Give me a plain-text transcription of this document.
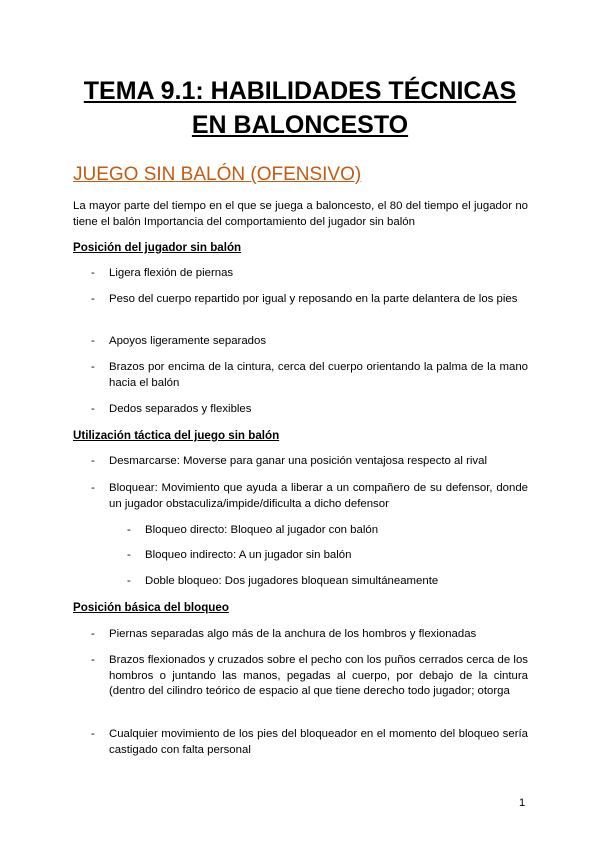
TEMA 9.1: HABILIDADES TÉCNICAS
EN BALONCESTO
JUEGO SIN BALÓN (OFENSIVO)
La mayor parte del tiempo en el que se juega a baloncesto, el 80 del tiempo el jugador no tiene el balón Importancia del comportamiento del jugador sin balón
Posición del jugador sin balón
- Ligera flexión de piernas
- Peso del cuerpo repartido por igual y reposando en la parte delantera de los pies
- Apoyos ligeramente separados
- Brazos por encima de la cintura, cerca del cuerpo orientando la palma de la mano hacia el balón
- Dedos separados y flexibles
Utilización táctica del juego sin balón
- Desmarcarse: Moverse para ganar una posición ventajosa respecto al rival
- Bloquear: Movimiento que ayuda a liberar a un compañero de su defensor, donde un jugador obstaculiza/impide/dificulta a dicho defensor
- Bloqueo directo: Bloqueo al jugador con balón
- Bloqueo indirecto: A un jugador sin balón
- Doble bloqueo: Dos jugadores bloquean simultáneamente
Posición básica del bloqueo
- Piernas separadas algo más de la anchura de los hombros y flexionadas
- Brazos flexionados y cruzados sobre el pecho con los puños cerrados cerca de los hombros o juntando las manos, pegadas al cuerpo, por debajo de la cintura (dentro del cilindro teórico de espacio al que tiene derecho todo jugador; otorga
- Cualquier movimiento de los pies del bloqueador en el momento del bloqueo sería castigado con falta personal
1
